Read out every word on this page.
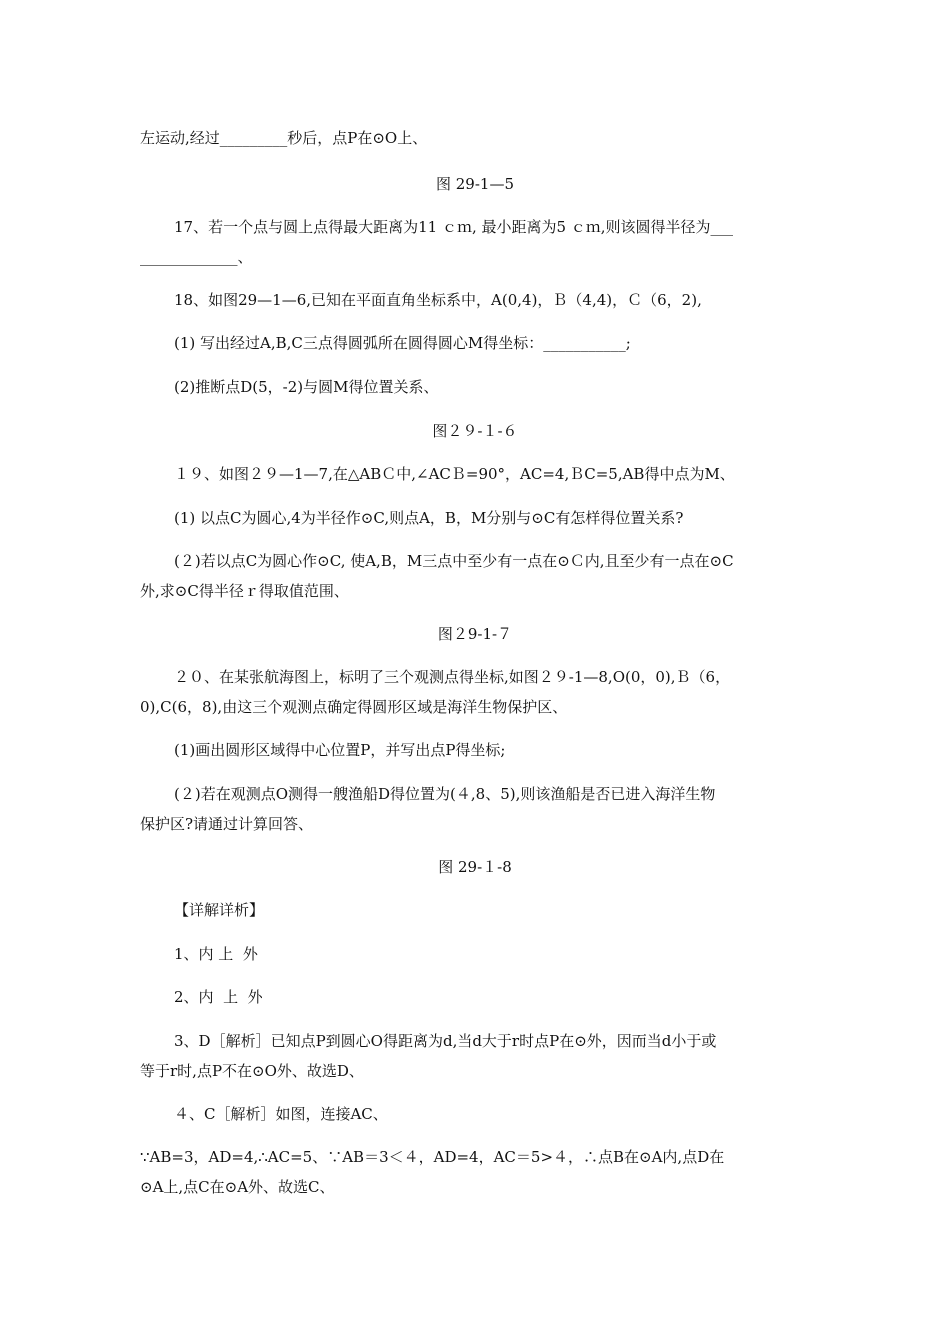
左运动,经过_________秒后，点P在⊙O上、
图 29-1—5
17、若一个点与圆上点得最大距离为11 ｃｍ, 最小距离为5 ｃｍ,则该圆得半径为___
_____________、
18、如图29—1—6,已知在平面直角坐标系中，A(0,4)，Ｂ（4,4)，Ｃ（6，2),
(1) 写出经过A,B,C三点得圆弧所在圆得圆心M得坐标：___________;
(2)推断点D(5，-2)与圆M得位置关系、
图２９-１-６
１９、如图２９—1—7,在△ABＣ中,∠ACＢ=90°，AC=4,ＢC=5,AB得中点为M、
(1) 以点C为圆心,4为半径作⊙C,则点A，B，M分别与⊙C有怎样得位置关系?
(２)若以点C为圆心作⊙C, 使A,B，M三点中至少有一点在⊙Ｃ内,且至少有一点在⊙C
外,求⊙C得半径ｒ得取值范围、
图２9-1-７
２０、在某张航海图上，标明了三个观测点得坐标,如图２９-1—8,O(0，0),Ｂ（6，
0),C(6，8),由这三个观测点确定得圆形区域是海洋生物保护区、
(1)画出圆形区域得中心位置P，并写出点P得坐标;
(２)若在观测点O测得一艘渔船D得位置为(４,8、5),则该渔船是否已进入海洋生物
保护区?请通过计算回答、
图 29-１-8
【详解详析】
1、内 上  外
2、内  上  外
3、D［解析］已知点P到圆心O得距离为d,当d大于r时点P在⊙外，因而当d小于或
等于r时,点P不在⊙O外、故选D、
４、C［解析］如图，连接AC、
∵AB=3，AD=4,∴AC=5、∵AB＝3＜４，AD=4，AC＝5>４，∴点B在⊙A内,点D在
⊙A上,点C在⊙A外、故选C、
